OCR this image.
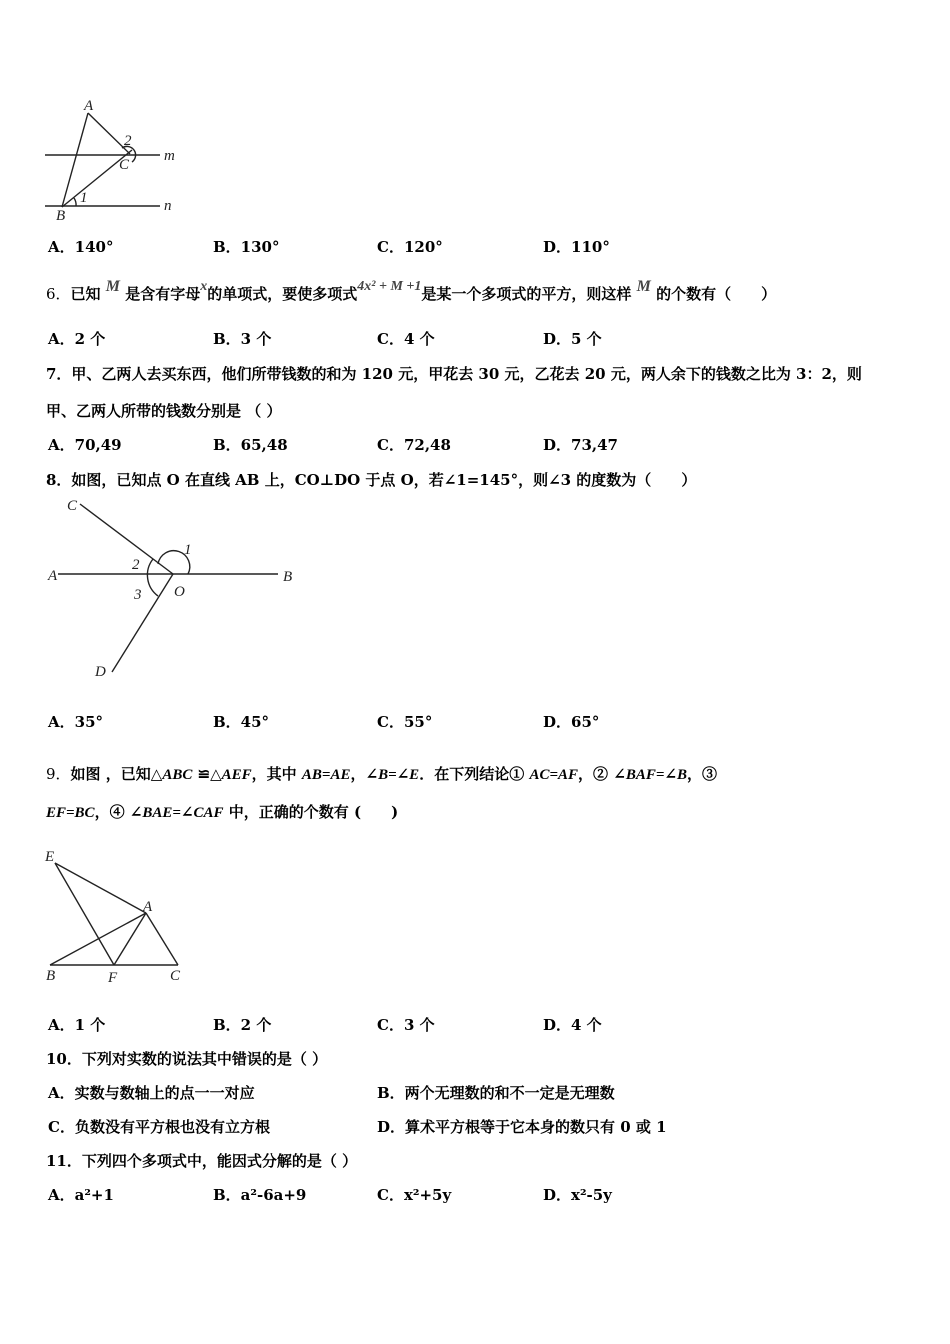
A
B
C
m
n
1
2
A．140°	B．130°	C．120°	D．110°
6．已知 M 是含有字母x的单项式，要使多项式4x² + M +1是某一个多项式的平方，则这样 M 的个数有（　　）
A．2 个	B．3 个	C．4 个	D．5 个
7．甲、乙两人去买东西，他们所带钱数的和为 120 元，甲花去 30 元，乙花去 20 元，两人余下的钱数之比为 3：2，则
甲、乙两人所带的钱数分别是 （ ）
A．70,49	B．65,48	C．72,48	D．73,47
8．如图，已知点 O 在直线 AB 上，CO⊥DO 于点 O，若∠1=145°，则∠3 的度数为（　　）
A	B
C
D
O
1
2
3
A．35°	B．45°	C．55°	D．65°
9．如图 ，已知△ABC ≌△AEF，其中 AB=AE，∠B=∠E．在下列结论① AC=AF，② ∠BAF=∠B，③
EF=BC，④ ∠BAE=∠CAF 中，正确的个数有 (　　)
E
A
B	F	C
A．1 个	B．2 个	C．3 个	D．4 个
10．下列对实数的说法其中错误的是（ ）
A．实数与数轴上的点一一对应	B．两个无理数的和不一定是无理数
C．负数没有平方根也没有立方根	D．算术平方根等于它本身的数只有 0 或 1
11．下列四个多项式中，能因式分解的是（ ）
A．a²+1	B．a²-6a+9	C．x²+5y	D．x²-5y
